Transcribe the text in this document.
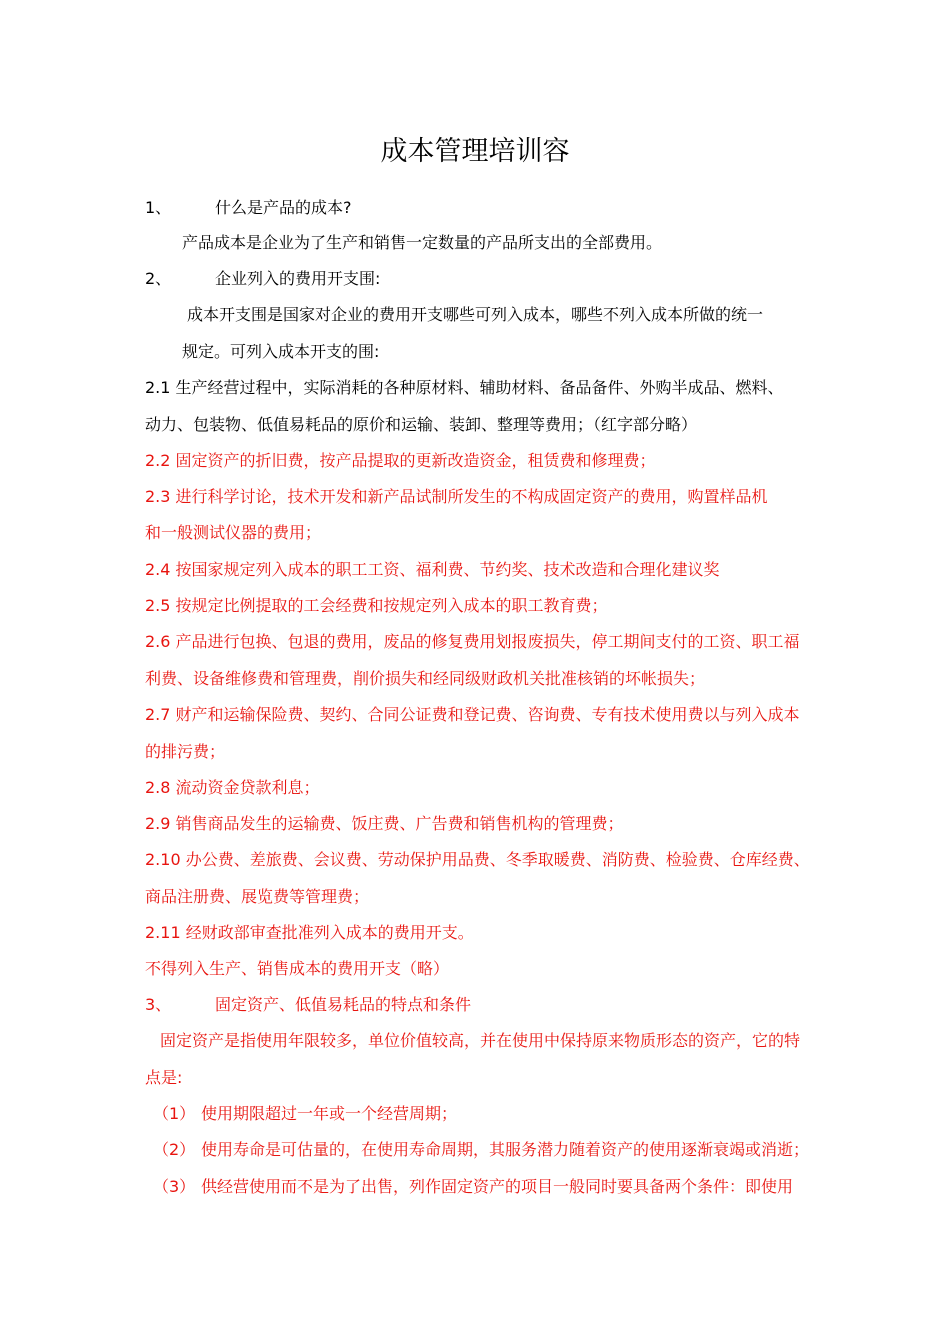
成本管理培训容
1、	什么是产品的成本?
产品成本是企业为了生产和销售一定数量的产品所支出的全部费用。
2、	企业列入的费用开支围:
成本开支围是国家对企业的费用开支哪些可列入成本，哪些不列入成本所做的统一
规定。可列入成本开支的围:
2.1 生产经营过程中，实际消耗的各种原材料、辅助材料、备品备件、外购半成品、燃料、
动力、包装物、低值易耗品的原价和运输、装卸、整理等费用；（红字部分略）
2.2 固定资产的折旧费，按产品提取的更新改造资金，租赁费和修理费；
2.3 进行科学讨论，技术开发和新产品试制所发生的不构成固定资产的费用，购置样品机
和一般测试仪器的费用；
2.4 按国家规定列入成本的职工工资、福利费、节约奖、技术改造和合理化建议奖
2.5 按规定比例提取的工会经费和按规定列入成本的职工教育费；
2.6 产品进行包换、包退的费用，废品的修复费用划报废损失，停工期间支付的工资、职工福
利费、设备维修费和管理费，削价损失和经同级财政机关批准核销的坏帐损失；
2.7 财产和运输保险费、契约、合同公证费和登记费、咨询费、专有技术使用费以与列入成本
的排污费；
2.8 流动资金贷款利息；
2.9 销售商品发生的运输费、饭庄费、广告费和销售机构的管理费；
2.10 办公费、差旅费、会议费、劳动保护用品费、冬季取暖费、消防费、检验费、仓库经费、
商品注册费、展览费等管理费；
2.11 经财政部审查批准列入成本的费用开支。
不得列入生产、销售成本的费用开支（略）
3、	固定资产、低值易耗品的特点和条件
固定资产是指使用年限较多，单位价值较高，并在使用中保持原来物质形态的资产，它的特
点是:
（1） 使用期限超过一年或一个经营周期；
（2） 使用寿命是可估量的，在使用寿命周期，其服务潜力随着资产的使用逐渐衰竭或消逝；
（3） 供经营使用而不是为了出售，列作固定资产的项目一般同时要具备两个条件：即使用
